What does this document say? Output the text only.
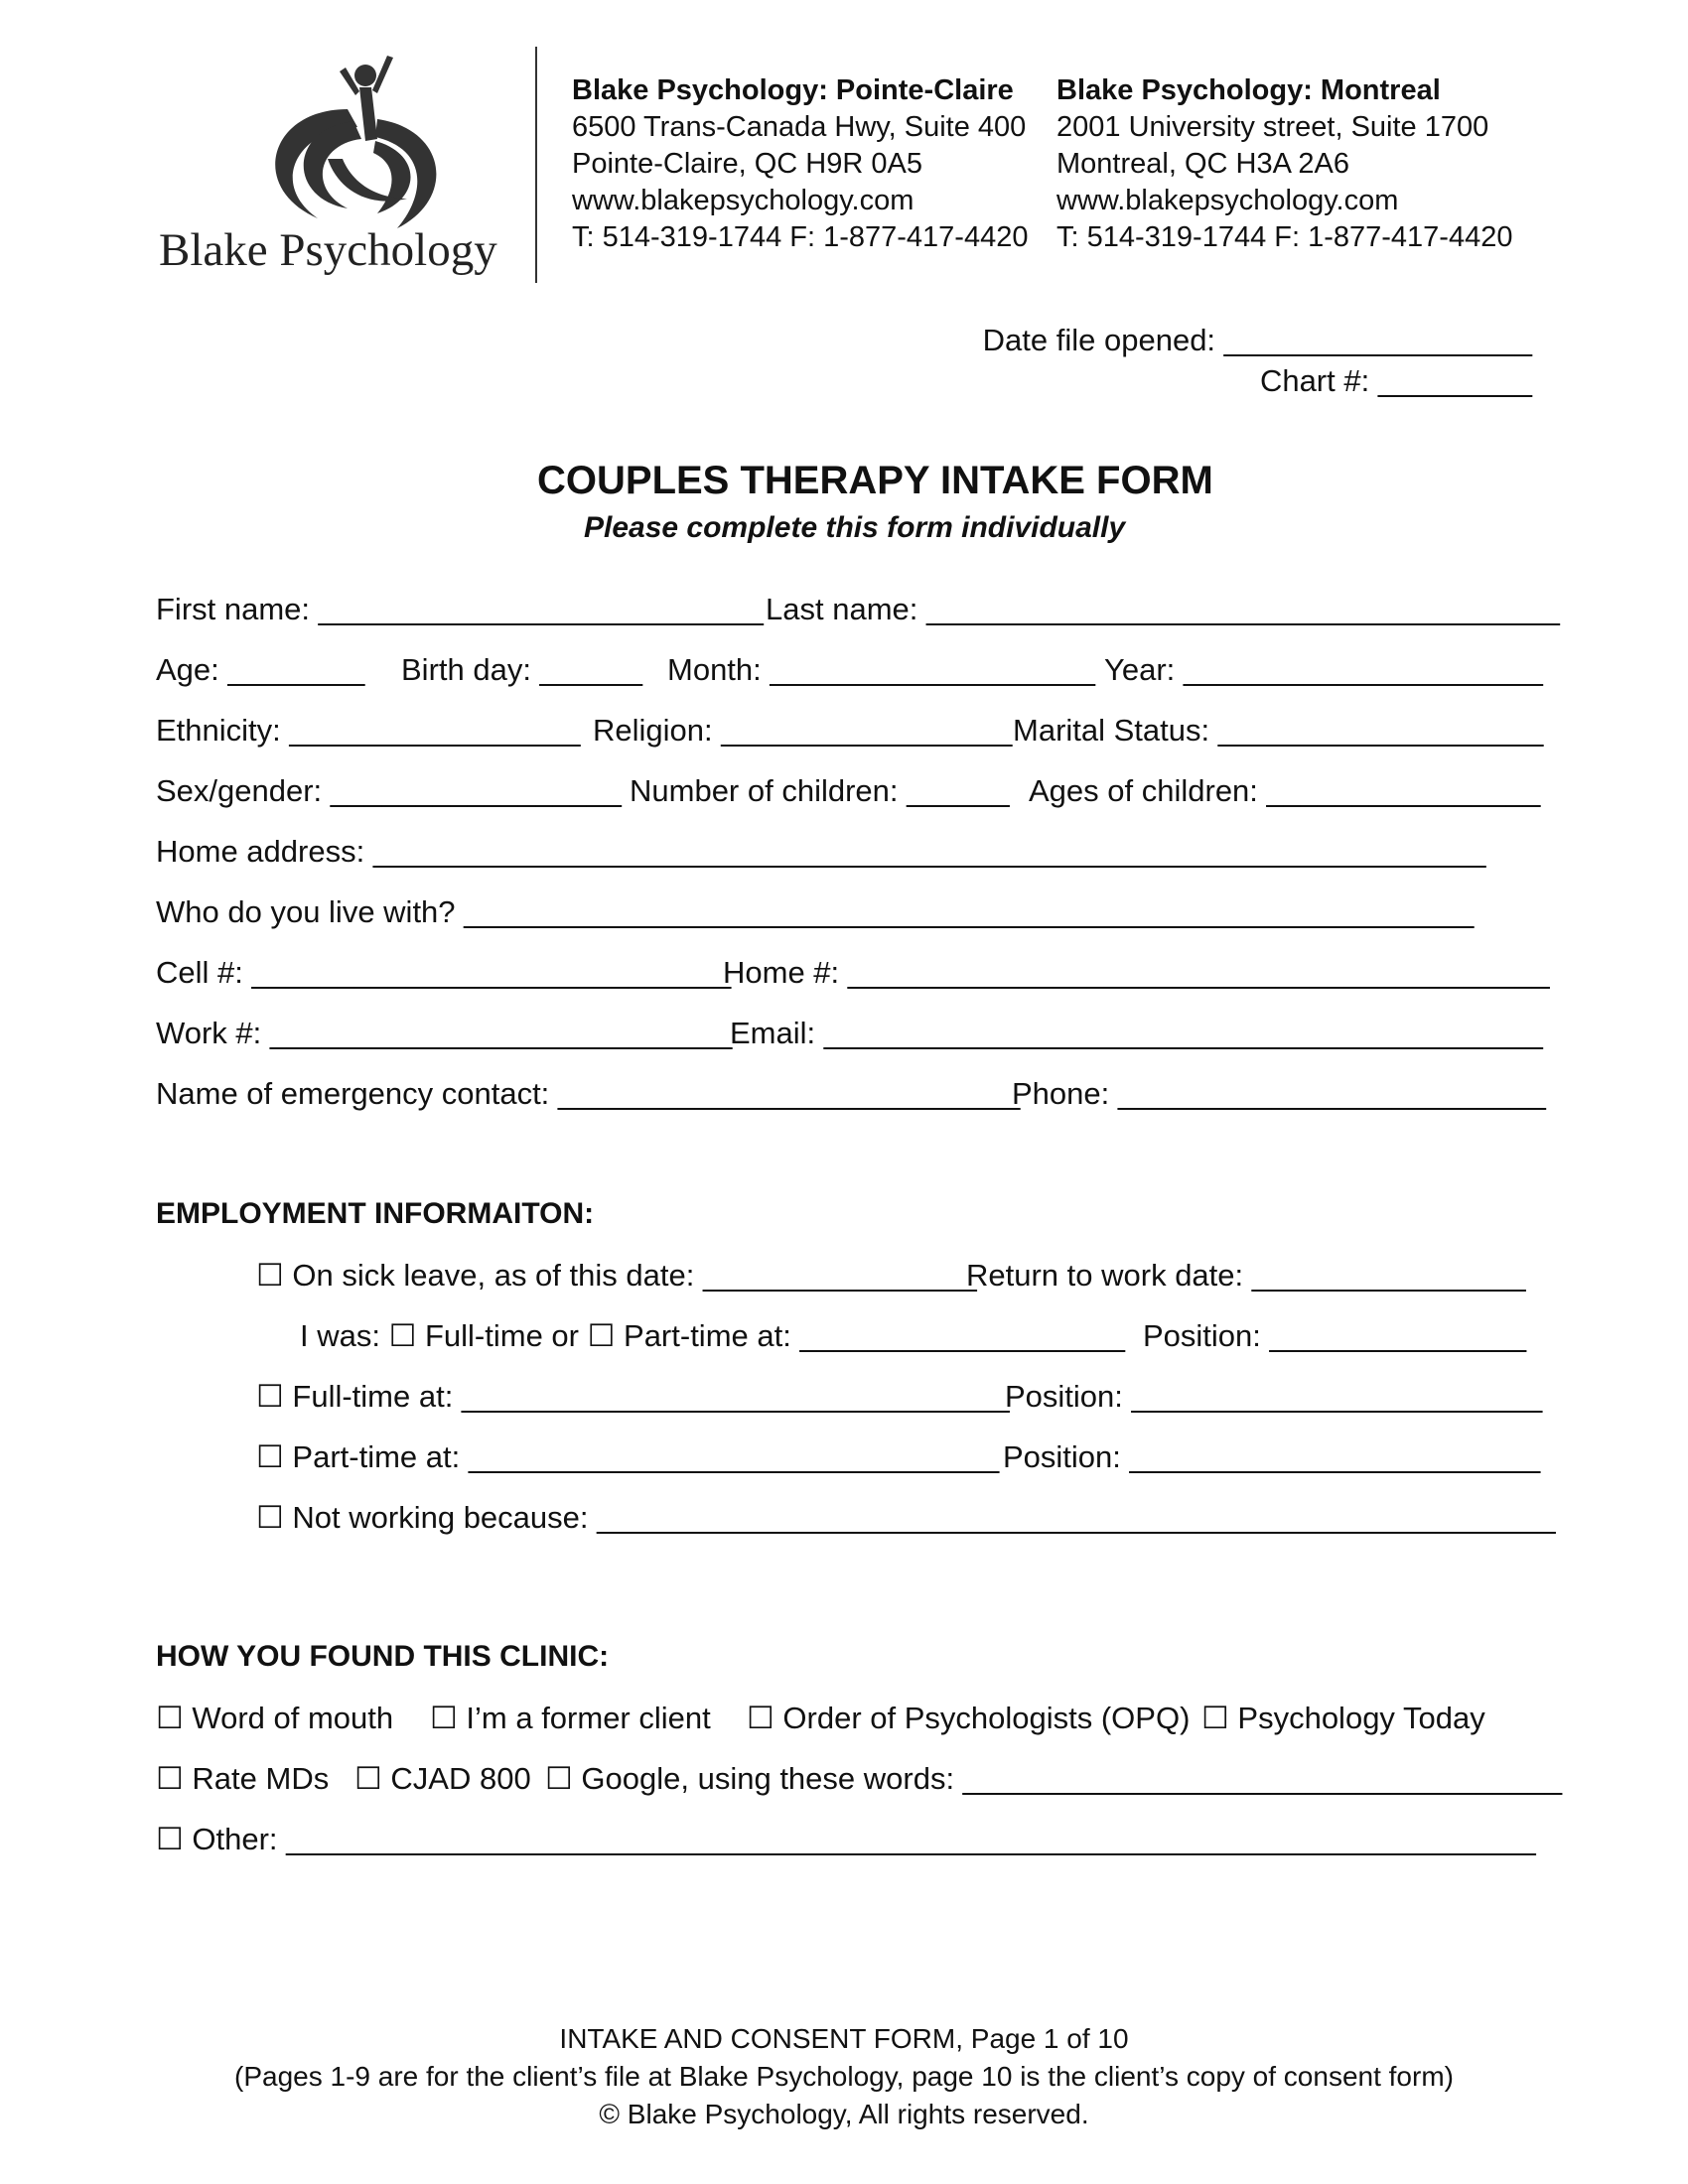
Blake Psychology
Blake Psychology: Pointe-Claire
6500 Trans-Canada Hwy, Suite 400
Pointe-Claire, QC H9R 0A5
www.blakepsychology.com
T: 514-319-1744 F: 1-877-417-4420
Blake Psychology: Montreal
2001 University street, Suite 1700
Montreal, QC H3A 2A6
www.blakepsychology.com
T: 514-319-1744 F: 1-877-417-4420
Date file opened: __________________
Chart #: _________
COUPLES THERAPY INTAKE FORM
Please complete this form individually
First name: __________________________ Last name: _____________________________________
Age: ________ Birth day: ______ Month: ___________________ Year: _____________________
Ethnicity: _________________ Religion: _________________ Marital Status: ___________________
Sex/gender: _________________ Number of children: ______ Ages of children: ________________
Home address: _________________________________________________________________
Who do you live with? ___________________________________________________________
Cell #: ____________________________
Home #: _________________________________________
Work #: ___________________________
Email: __________________________________________
Name of emergency contact: ___________________________
Phone: _________________________
EMPLOYMENT INFORMAITON:
☐ On sick leave, as of this date: ________________
Return to work date: ________________
I was: ☐ Full-time or ☐ Part-time at: ___________________ Position: _______________
☐ Full-time at: ________________________________
Position: ________________________
☐ Part-time at: _______________________________ Position: ________________________
☐ Not working because: ________________________________________________________
HOW YOU FOUND THIS CLINIC:
☐ Word of mouth ☐ I’m a former client ☐ Order of Psychologists (OPQ) ☐ Psychology Today
☐ Rate MDs ☐ CJAD 800 ☐ Google, using these words: ___________________________________
☐ Other: _________________________________________________________________________
INTAKE AND CONSENT FORM, Page 1 of 10
(Pages 1-9 are for the client’s file at Blake Psychology, page 10 is the client’s copy of consent form)
© Blake Psychology, All rights reserved.
